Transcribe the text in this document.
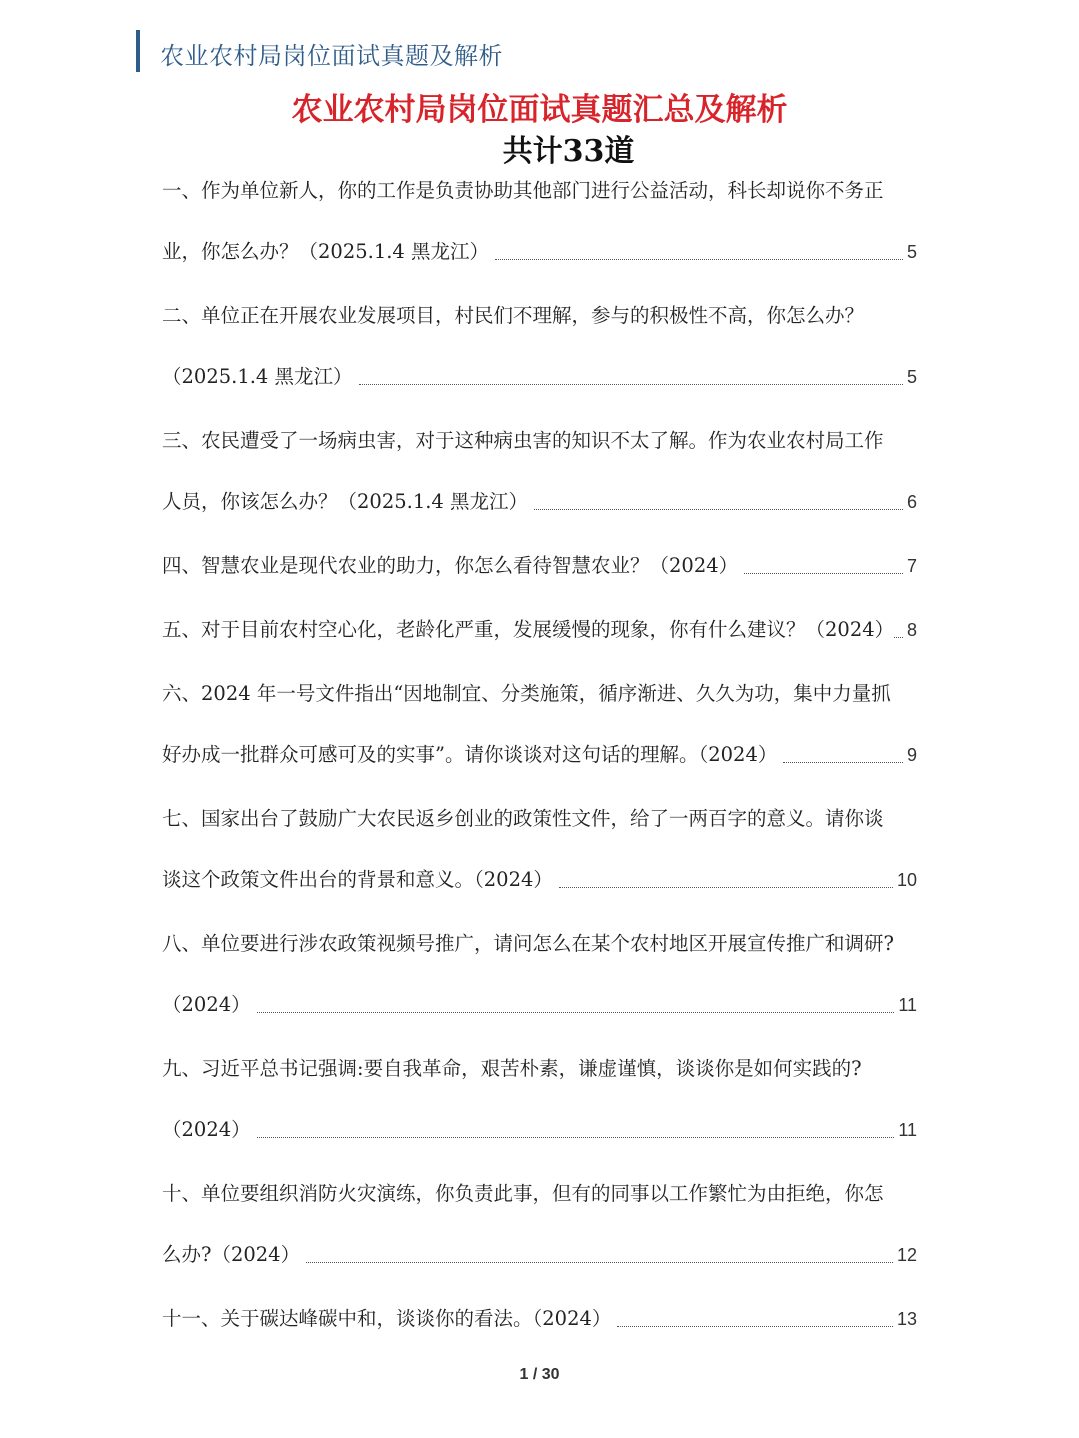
农业农村局岗位面试真题及解析
农业农村局岗位面试真题汇总及解析
共计33道
一、作为单位新人，你的工作是负责协助其他部门进行公益活动，科长却说你不务正
业，你怎么办？（2025.1.4 黑龙江）	5
二、单位正在开展农业发展项目，村民们不理解，参与的积极性不高，你怎么办？
（2025.1.4 黑龙江）	5
三、农民遭受了一场病虫害，对于这种病虫害的知识不太了解。作为农业农村局工作
人员，你该怎么办？（2025.1.4 黑龙江）	6
四、智慧农业是现代农业的助力，你怎么看待智慧农业？（2024）	7
五、对于目前农村空心化，老龄化严重，发展缓慢的现象，你有什么建议？（2024） 8
六、2024 年一号文件指出“因地制宜、分类施策，循序渐进、久久为功，集中力量抓
好办成一批群众可感可及的实事”。请你谈谈对这句话的理解。（2024）	9
七、国家出台了鼓励广大农民返乡创业的政策性文件，给了一两百字的意义。请你谈
谈这个政策文件出台的背景和意义。（2024）	10
八、单位要进行涉农政策视频号推广，请问怎么在某个农村地区开展宣传推广和调研?
（2024）	11
九、习近平总书记强调:要自我革命，艰苦朴素，谦虚谨慎，谈谈你是如何实践的?
（2024）	11
十、单位要组织消防火灾演练，你负责此事，但有的同事以工作繁忙为由拒绝，你怎
么办?（2024）	12
十一、关于碳达峰碳中和，谈谈你的看法。（2024）	13
1 / 30
